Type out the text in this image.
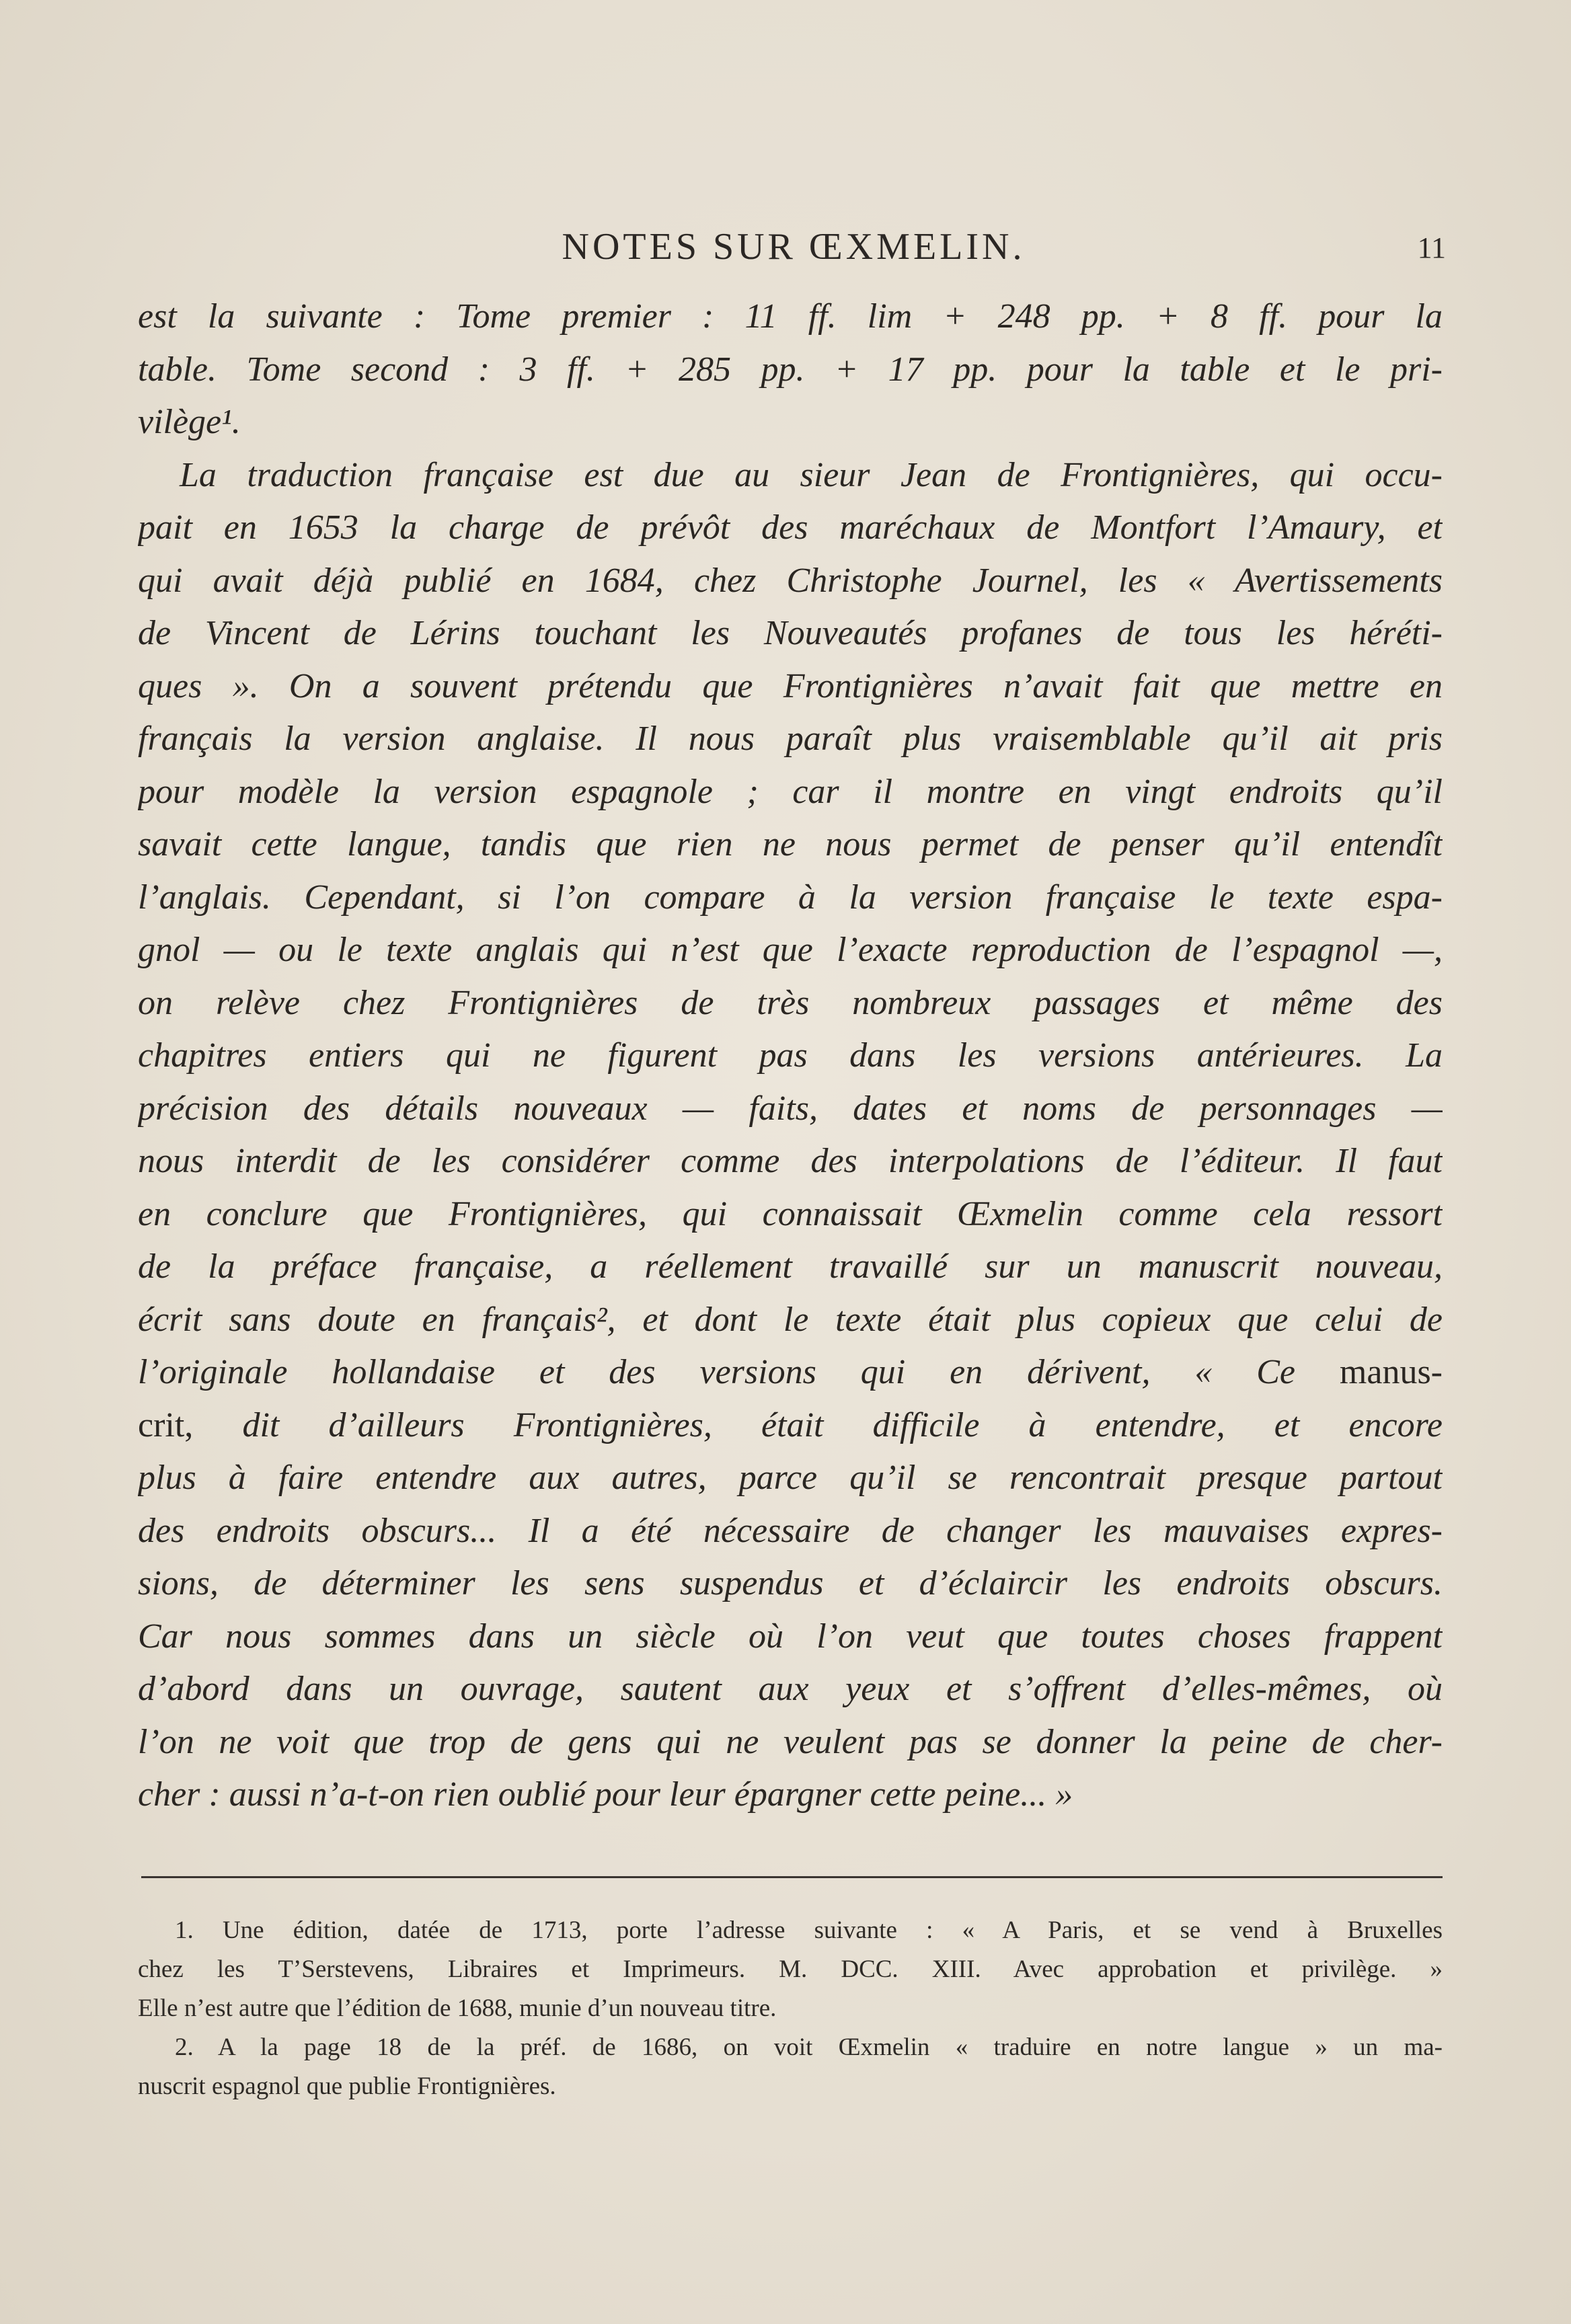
NOTES SUR ŒXMELIN.	11
est la suivante : Tome premier : 11 ff. lim + 248 pp. + 8 ff. pour la
table. Tome second : 3 ff. + 285 pp. + 17 pp. pour la table et le pri-
vilège¹.
La traduction française est due au sieur Jean de Frontignières, qui occu-
pait en 1653 la charge de prévôt des maréchaux de Montfort l’Amaury, et
qui avait déjà publié en 1684, chez Christophe Journel, les « Avertissements
de Vincent de Lérins touchant les Nouveautés profanes de tous les héréti-
ques ». On a souvent prétendu que Frontignières n’avait fait que mettre en
français la version anglaise. Il nous paraît plus vraisemblable qu’il ait pris
pour modèle la version espagnole ; car il montre en vingt endroits qu’il
savait cette langue, tandis que rien ne nous permet de penser qu’il entendît
l’anglais. Cependant, si l’on compare à la version française le texte espa-
gnol — ou le texte anglais qui n’est que l’exacte reproduction de l’espagnol —,
on relève chez Frontignières de très nombreux passages et même des
chapitres entiers qui ne figurent pas dans les versions antérieures. La
précision des détails nouveaux — faits, dates et noms de personnages —
nous interdit de les considérer comme des interpolations de l’éditeur. Il faut
en conclure que Frontignières, qui connaissait Œxmelin comme cela ressort
de la préface française, a réellement travaillé sur un manuscrit nouveau,
écrit sans doute en français², et dont le texte était plus copieux que celui de
l’originale hollandaise et des versions qui en dérivent, « Ce manus-
crit, dit d’ailleurs Frontignières, était difficile à entendre, et encore
plus à faire entendre aux autres, parce qu’il se rencontrait presque partout
des endroits obscurs... Il a été nécessaire de changer les mauvaises expres-
sions, de déterminer les sens suspendus et d’éclaircir les endroits obscurs.
Car nous sommes dans un siècle où l’on veut que toutes choses frappent
d’abord dans un ouvrage, sautent aux yeux et s’offrent d’elles-mêmes, où
l’on ne voit que trop de gens qui ne veulent pas se donner la peine de cher-
cher : aussi n’a-t-on rien oublié pour leur épargner cette peine... »
1. Une édition, datée de 1713, porte l’adresse suivante : « A Paris, et se vend à Bruxelles
chez les T’Serstevens, Libraires et Imprimeurs. M. DCC. XIII. Avec approbation et privilège. »
Elle n’est autre que l’édition de 1688, munie d’un nouveau titre.
2. A la page 18 de la préf. de 1686, on voit Œxmelin « traduire en notre langue » un ma-
nuscrit espagnol que publie Frontignières.
